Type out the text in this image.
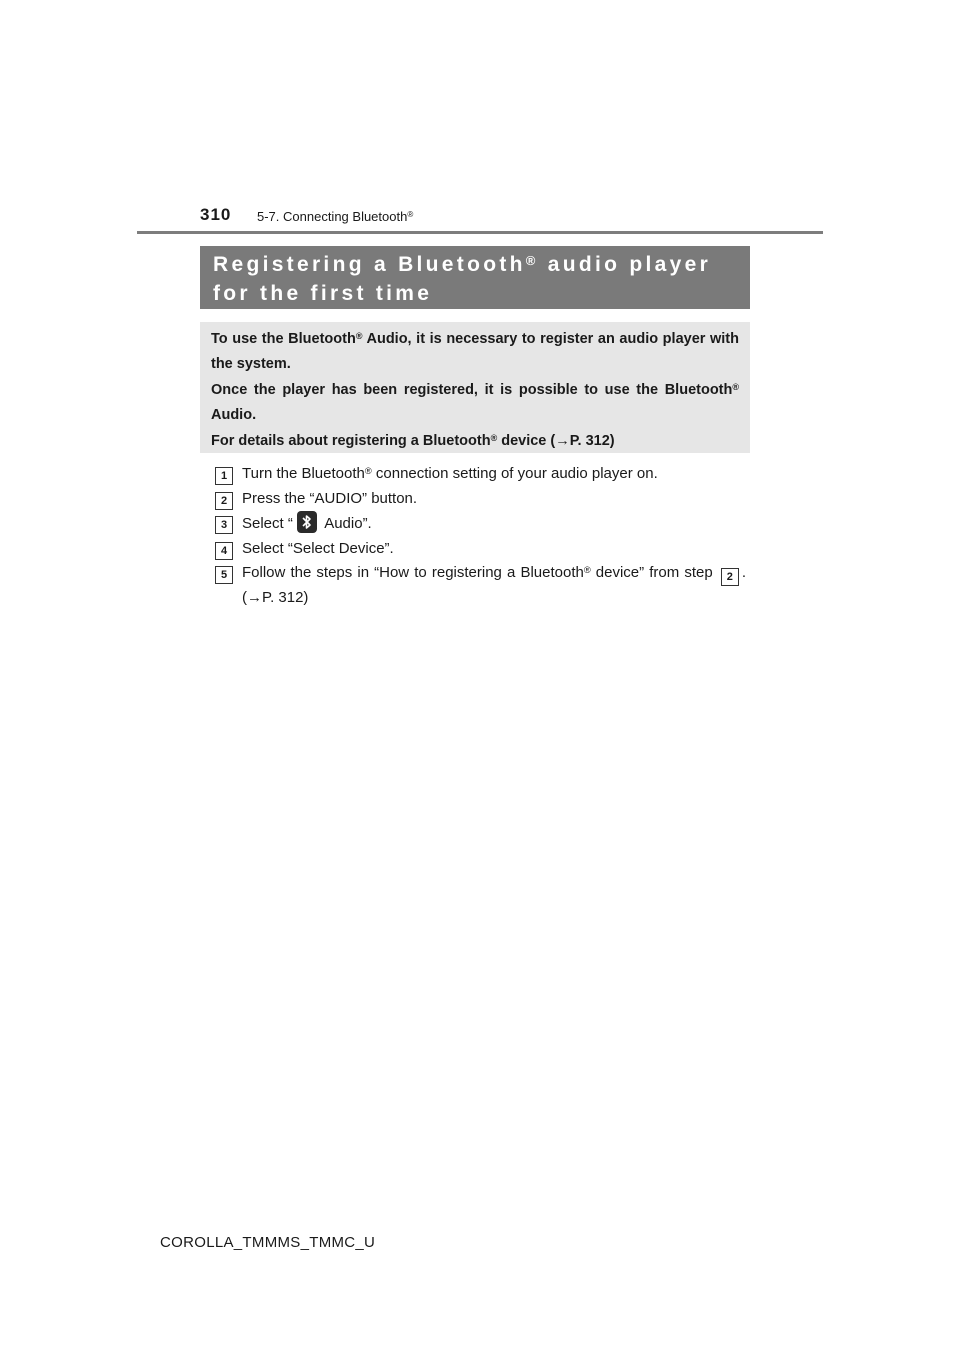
310 5-7. Connecting Bluetooth®
Registering a Bluetooth® audio player for the first time

To use the Bluetooth® Audio, it is necessary to register an audio player with the system.

Once the player has been registered, it is possible to use the Bluetooth® Audio.

For details about registering a Bluetooth® device (→P. 312)

1 Turn the Bluetooth® connection setting of your audio player on.
2 Press the “AUDIO” button.
3 Select “
Audio”.
4 Select “Select Device”.
5 Follow the steps in “How to registering a Bluetooth® device” from step 2 . (→P. 312)
COROLLA_TMMMS_TMMC_U
